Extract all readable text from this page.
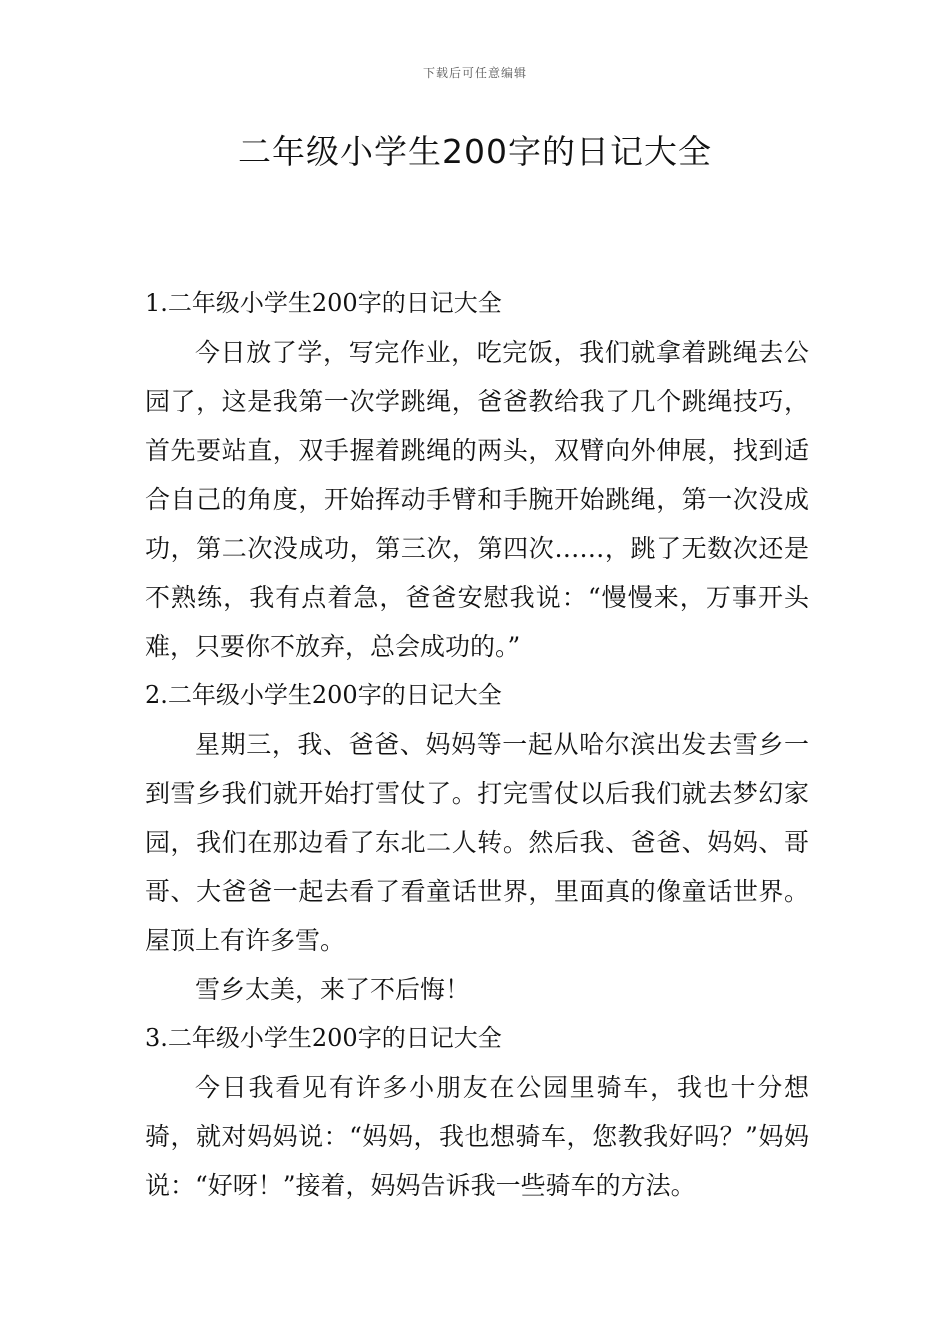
下载后可任意编辑
二年级小学生200字的日记大全

1.二年级小学生200字的日记大全

今日放了学，写完作业，吃完饭，我们就拿着跳绳去公园了，这是我第一次学跳绳，爸爸教给我了几个跳绳技巧，首先要站直，双手握着跳绳的两头，双臂向外伸展，找到适合自己的角度，开始挥动手臂和手腕开始跳绳，第一次没成功，第二次没成功，第三次，第四次……，跳了无数次还是不熟练，我有点着急，爸爸安慰我说：“慢慢来，万事开头难，只要你不放弃，总会成功的。”

2.二年级小学生200字的日记大全

星期三，我、爸爸、妈妈等一起从哈尔滨出发去雪乡一到雪乡我们就开始打雪仗了。打完雪仗以后我们就去梦幻家园，我们在那边看了东北二人转。然后我、爸爸、妈妈、哥哥、大爸爸一起去看了看童话世界，里面真的像童话世界。屋顶上有许多雪。

雪乡太美，来了不后悔！

3.二年级小学生200字的日记大全

今日我看见有许多小朋友在公园里骑车，我也十分想骑，就对妈妈说：“妈妈，我也想骑车，您教我好吗？”妈妈说：“好呀！”接着，妈妈告诉我一些骑车的方法。
